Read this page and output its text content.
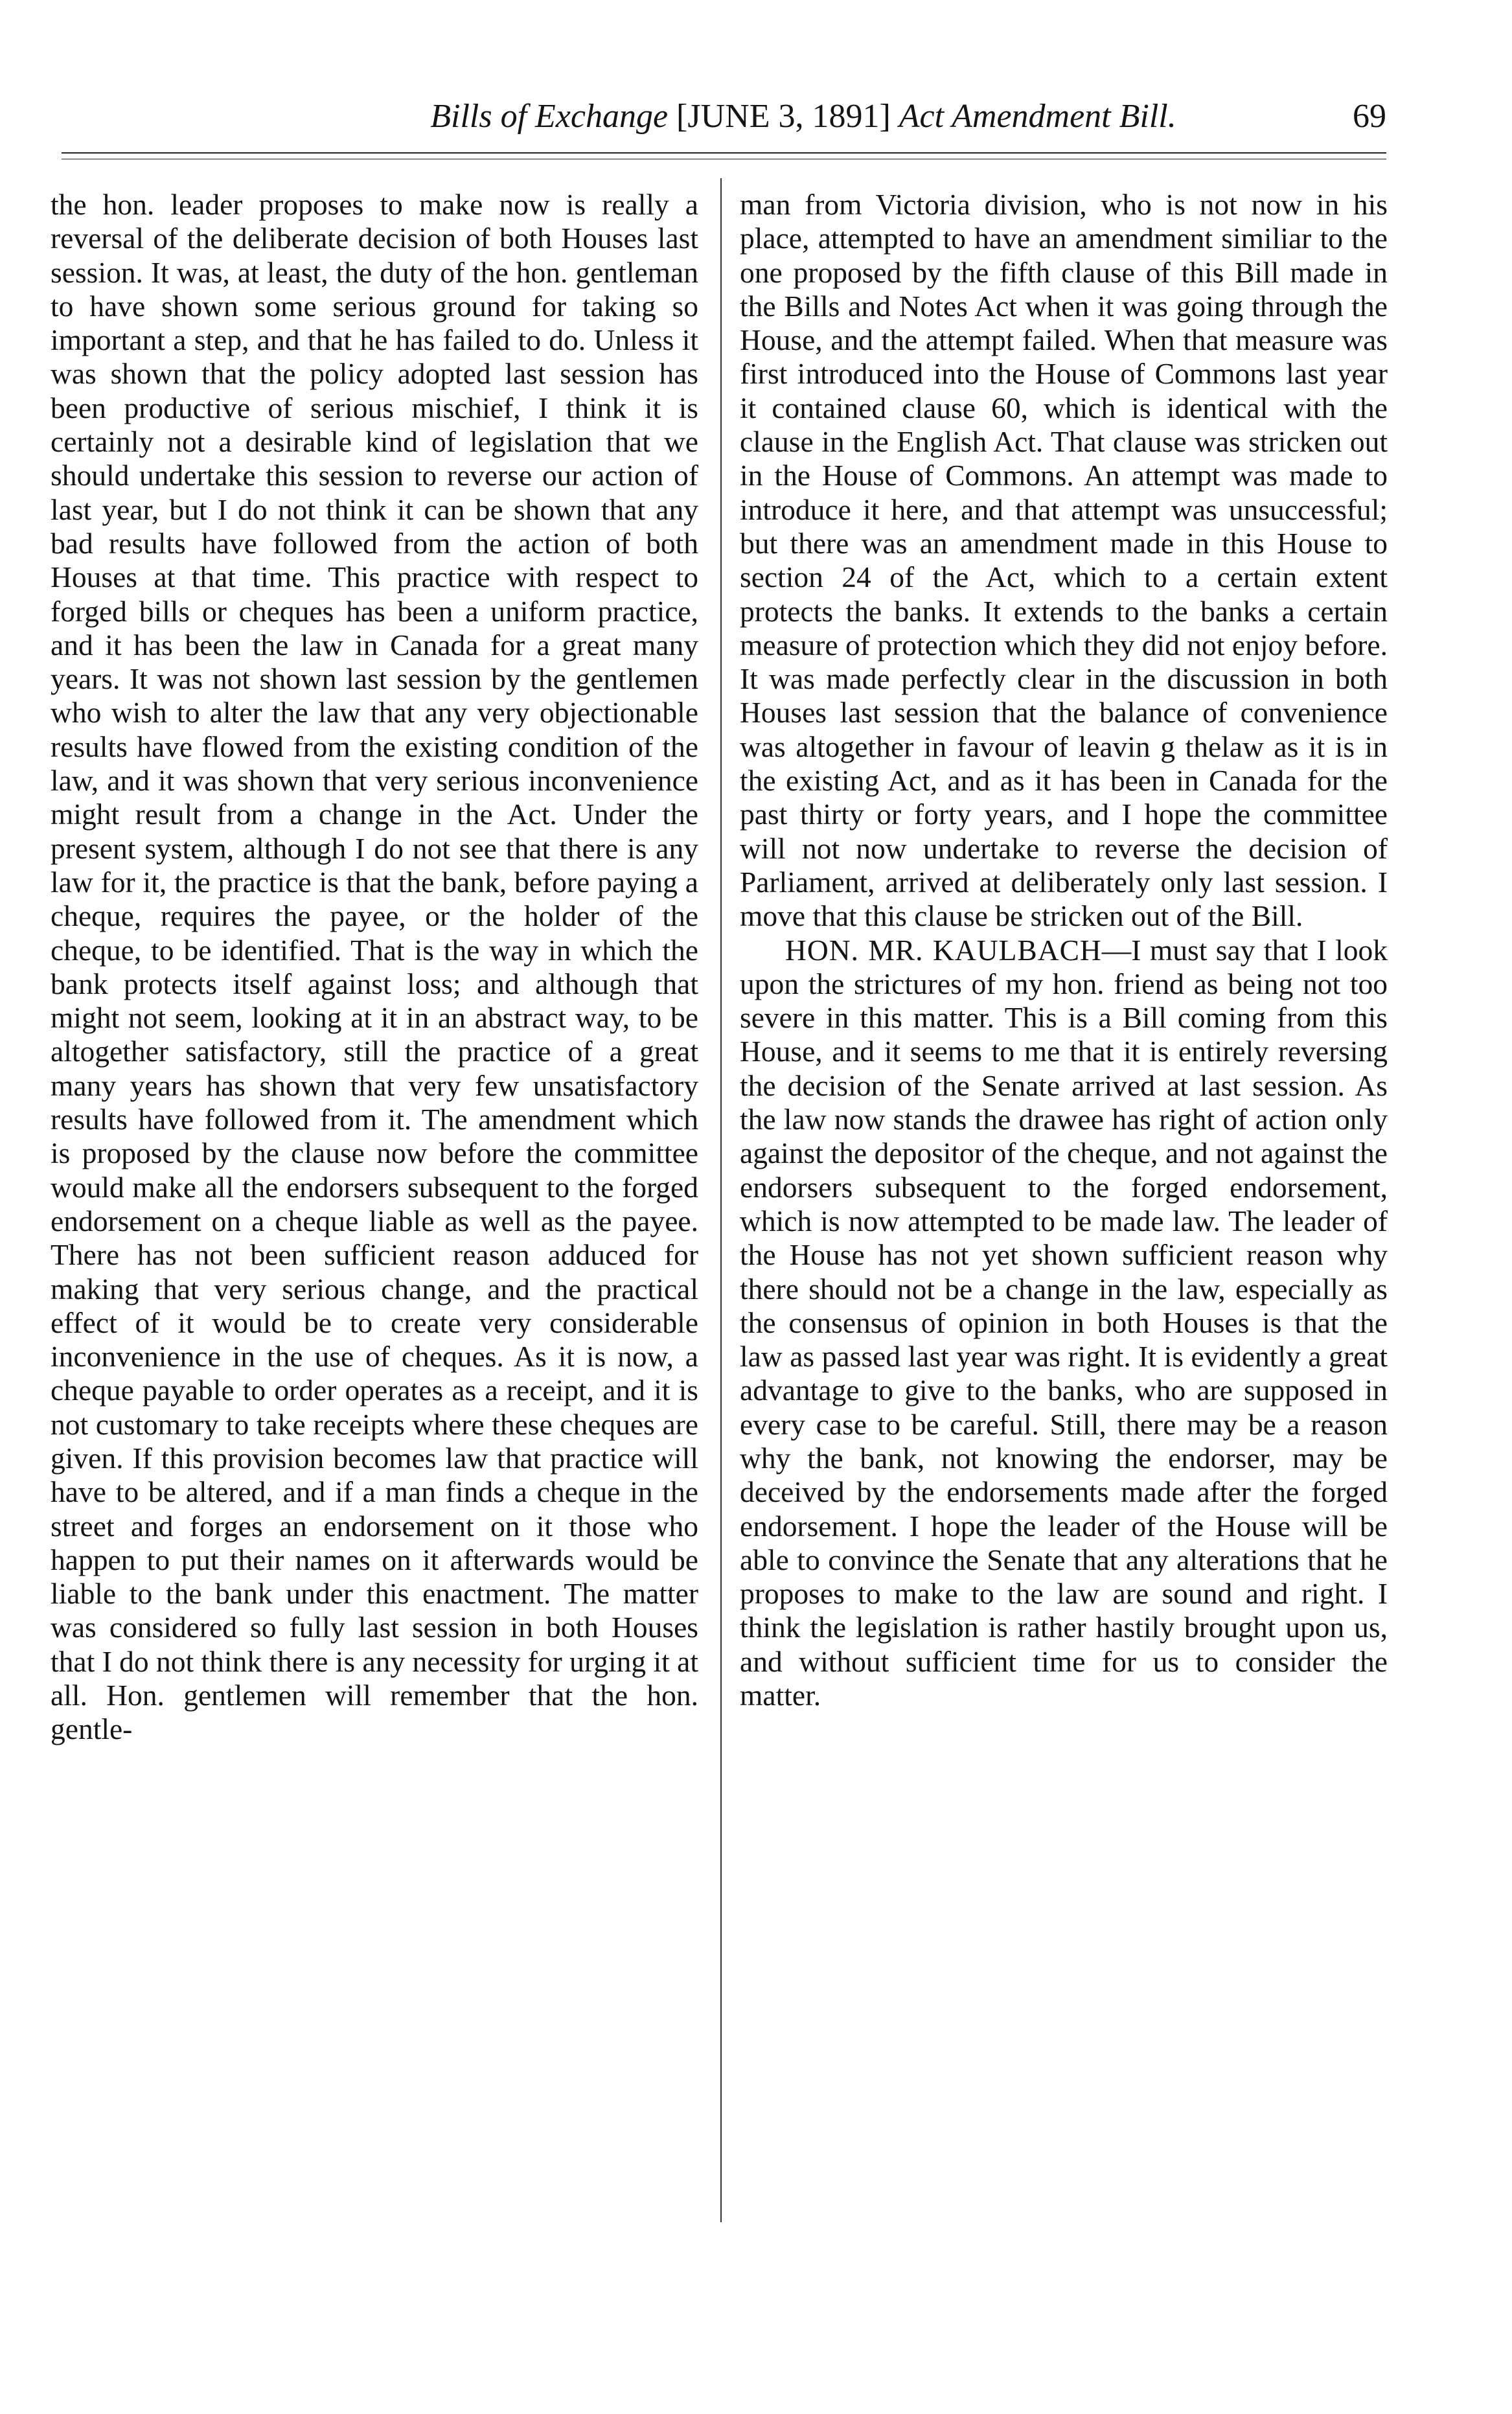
Bills of Exchange [JUNE 3, 1891] Act Amendment Bill.	69

the hon. leader proposes to make now is really a reversal of the deliberate decision of both Houses last session. It was, at least, the duty of the hon. gentleman to have shown some serious ground for taking so important a step, and that he has failed to do. Unless it was shown that the policy adopted last session has been productive of serious mischief, I think it is certainly not a desirable kind of legislation that we should undertake this session to reverse our action of last year, but I do not think it can be shown that any bad results have followed from the action of both Houses at that time. This practice with respect to forged bills or cheques has been a uniform practice, and it has been the law in Canada for a great many years. It was not shown last session by the gentlemen who wish to alter the law that any very objectionable results have flowed from the existing condition of the law, and it was shown that very serious inconvenience might result from a change in the Act. Under the present system, although I do not see that there is any law for it, the practice is that the bank, before paying a cheque, requires the payee, or the holder of the cheque, to be identified. That is the way in which the bank protects itself against loss; and although that might not seem, looking at it in an abstract way, to be altogether satisfactory, still the practice of a great many years has shown that very few unsatisfactory results have followed from it. The amendment which is proposed by the clause now before the committee would make all the endorsers subsequent to the forged endorsement on a cheque liable as well as the payee. There has not been sufficient reason adduced for making that very serious change, and the practical effect of it would be to create very considerable inconvenience in the use of cheques. As it is now, a cheque payable to order operates as a receipt, and it is not customary to take receipts where these cheques are given. If this provision becomes law that practice will have to be altered, and if a man finds a cheque in the street and forges an endorsement on it those who happen to put their names on it afterwards would be liable to the bank under this enactment. The matter was considered so fully last session in both Houses that I do not think there is any necessity for urging it at all. Hon. gentlemen will remember that the hon. gentle-

man from Victoria division, who is not now in his place, attempted to have an amendment similiar to the one proposed by the fifth clause of this Bill made in the Bills and Notes Act when it was going through the House, and the attempt failed. When that measure was first introduced into the House of Commons last year it contained clause 60, which is identical with the clause in the English Act. That clause was stricken out in the House of Commons. An attempt was made to introduce it here, and that attempt was unsuccessful; but there was an amendment made in this House to section 24 of the Act, which to a certain extent protects the banks. It extends to the banks a certain measure of protection which they did not enjoy before. It was made perfectly clear in the discussion in both Houses last session that the balance of convenience was altogether in favour of leavin g thelaw as it is in the existing Act, and as it has been in Canada for the past thirty or forty years, and I hope the committee will not now undertake to reverse the decision of Parliament, arrived at deliberately only last session. I move that this clause be stricken out of the Bill.

HON. MR. KAULBACH—I must say that I look upon the strictures of my hon. friend as being not too severe in this matter. This is a Bill coming from this House, and it seems to me that it is entirely reversing the decision of the Senate arrived at last session. As the law now stands the drawee has right of action only against the depositor of the cheque, and not against the endorsers subsequent to the forged endorsement, which is now attempted to be made law. The leader of the House has not yet shown sufficient reason why there should not be a change in the law, especially as the consensus of opinion in both Houses is that the law as passed last year was right. It is evidently a great advantage to give to the banks, who are supposed in every case to be careful. Still, there may be a reason why the bank, not knowing the endorser, may be deceived by the endorsements made after the forged endorsement. I hope the leader of the House will be able to convince the Senate that any alterations that he proposes to make to the law are sound and right. I think the legislation is rather hastily brought upon us, and without sufficient time for us to consider the matter.
